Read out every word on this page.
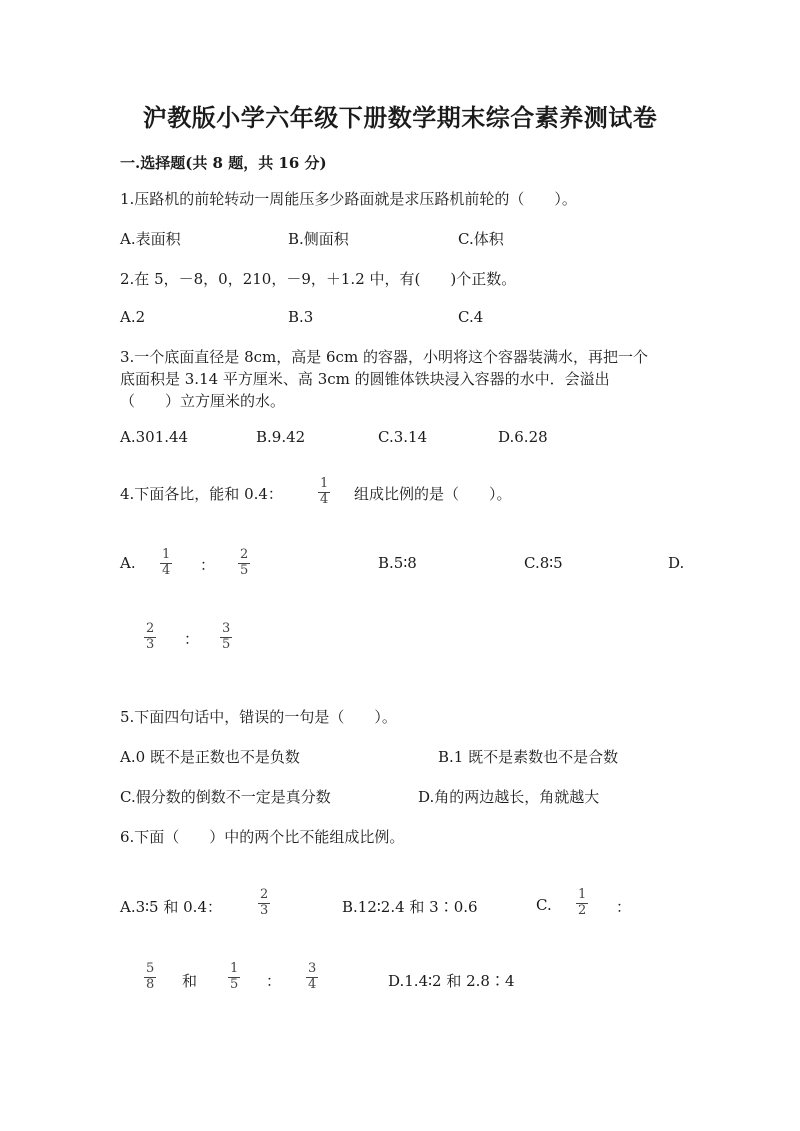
沪教版小学六年级下册数学期末综合素养测试卷
一.选择题(共 8 题，共 16 分)
1.压路机的前轮转动一周能压多少路面就是求压路机前轮的（　　）。
A.表面积	B.侧面积	C.体积
2.在 5，－8，0，210，－9，＋1.2 中，有(　　)个正数。
A.2	B.3	C.4
3.一个底面直径是 8cm，高是 6cm 的容器，小明将这个容器装满水，再把一个
底面积是 3.14 平方厘米、高 3cm 的圆锥体铁块浸入容器的水中．会溢出
（　　）立方厘米的水。
A.301.44	B.9.42	C.3.14	D.6.28
4.下面各比，能和 0.4：	$\frac{1}{4}$ 组成比例的是（　　）。
A. $\frac{1}{4}$ ： $\frac{2}{5}$	B.5∶8	C.8∶5	D.
$\frac{2}{3}$ ： $\frac{3}{5}$
5.下面四句话中，错误的一句是（　　）。
A.0 既不是正数也不是负数	B.1 既不是素数也不是合数
C.假分数的倒数不一定是真分数	D.角的两边越长，角就越大
6.下面（　　）中的两个比不能组成比例。
A.3∶5 和 0.4：	$\frac{2}{3}$	B.12∶2.4 和 3∶0.6	C. $\frac{1}{2}$ ：
$\frac{5}{8}$ 和 $\frac{1}{5}$ ： $\frac{3}{4}$	D.1.4∶2 和 2.8∶4
